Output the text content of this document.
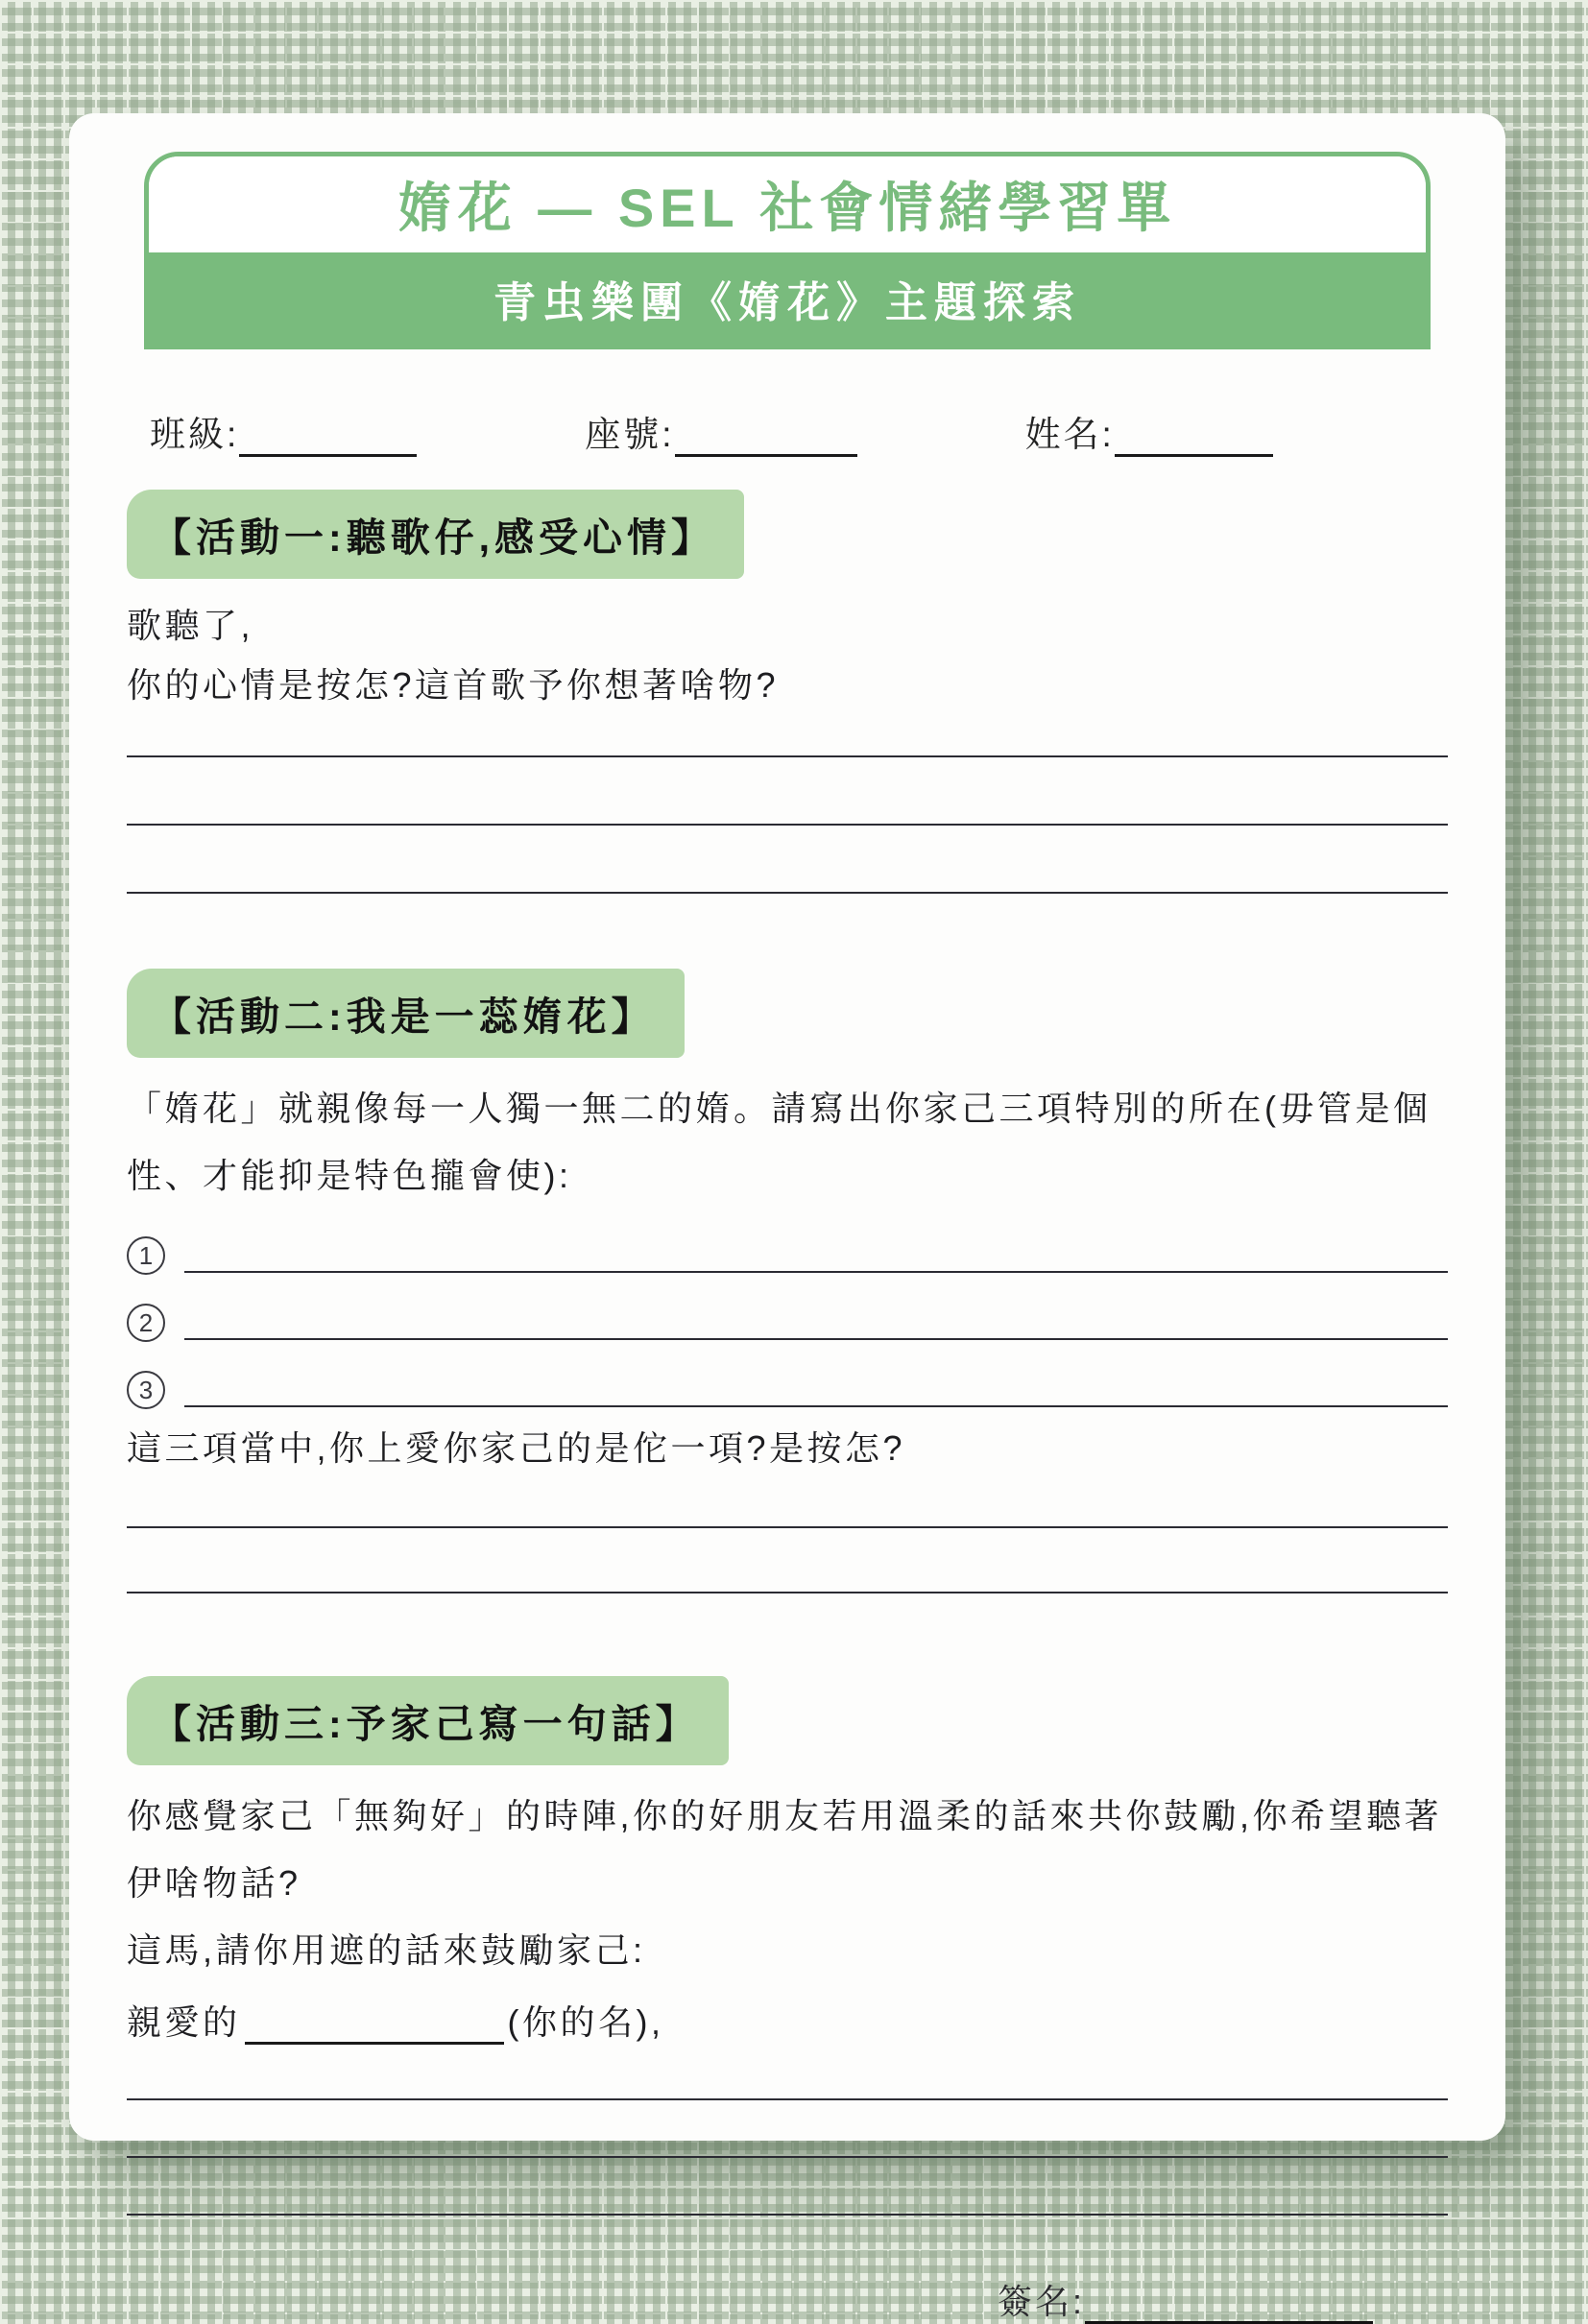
媠花 — SEL 社會情緒學習單
青虫樂團《媠花》主題探索
班級:	座號:	姓名:
【活動一:聽歌仔,感受心情】
歌聽了,
你的心情是按怎?這首歌予你想著啥物?
【活動二:我是一蕊媠花】
「媠花」就親像每一人獨一無二的媠。請寫出你家己三項特別的所在(毋管是個性、才能抑是特色攏會使):
1
2
3
這三項當中,你上愛你家己的是佗一項?是按怎?
【活動三:予家己寫一句話】
你感覺家己「無夠好」的時陣,你的好朋友若用溫柔的話來共你鼓勵,你希望聽著伊啥物話?
這馬,請你用遮的話來鼓勵家己:
親愛的	(你的名),
簽名:
